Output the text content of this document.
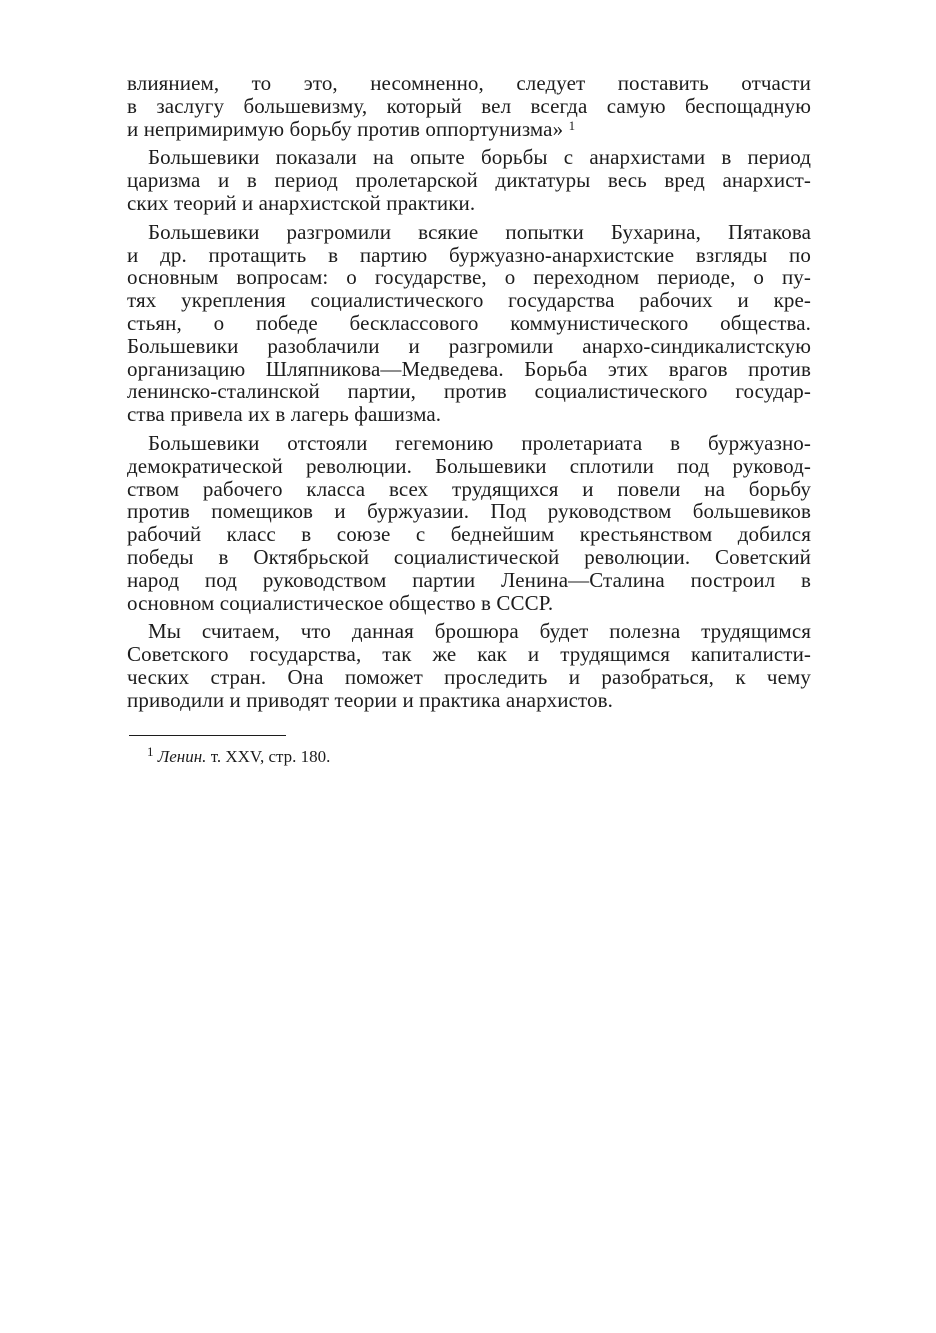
влиянием, то это, несомненно, следует поставить отчасти
в заслугу большевизму, который вел всегда самую беспощадную
и непримиримую борьбу против оппортунизма» $^1$
Большевики показали на опыте борьбы с анархистами в период
царизма и в период пролетарской диктатуры весь вред анархист-
ских теорий и анархистской практики.
Большевики разгромили всякие попытки Бухарина, Пятакова
и др. протащить в партию буржуазно-анархистские взгляды по
основным вопросам: о государстве, о переходном периоде, о пу-
тях укрепления социалистического государства рабочих и кре-
стьян, о победе бесклассового коммунистического общества.
Большевики разоблачили и разгромили анархо-синдикалистскую
организацию Шляпникова—Медведева. Борьба этих врагов против
ленинско-сталинской партии, против социалистического государ-
ства привела их в лагерь фашизма.
Большевики отстояли гегемонию пролетариата в буржуазно-
демократической революции. Большевики сплотили под руковод-
ством рабочего класса всех трудящихся и повели на борьбу
против помещиков и буржуазии. Под руководством большевиков
рабочий класс в союзе с беднейшим крестьянством добился
победы в Октябрьской социалистической революции. Советский
народ под руководством партии Ленина—Сталина построил в
основном социалистическое общество в СССР.
Мы считаем, что данная брошюра будет полезна трудящимся
Советского государства, так же как и трудящимся капиталисти-
ческих стран. Она поможет проследить и разобраться, к чему
приводили и приводят теории и практика анархистов.
$^1$ Ленин. т. XXV, стр. 180.
